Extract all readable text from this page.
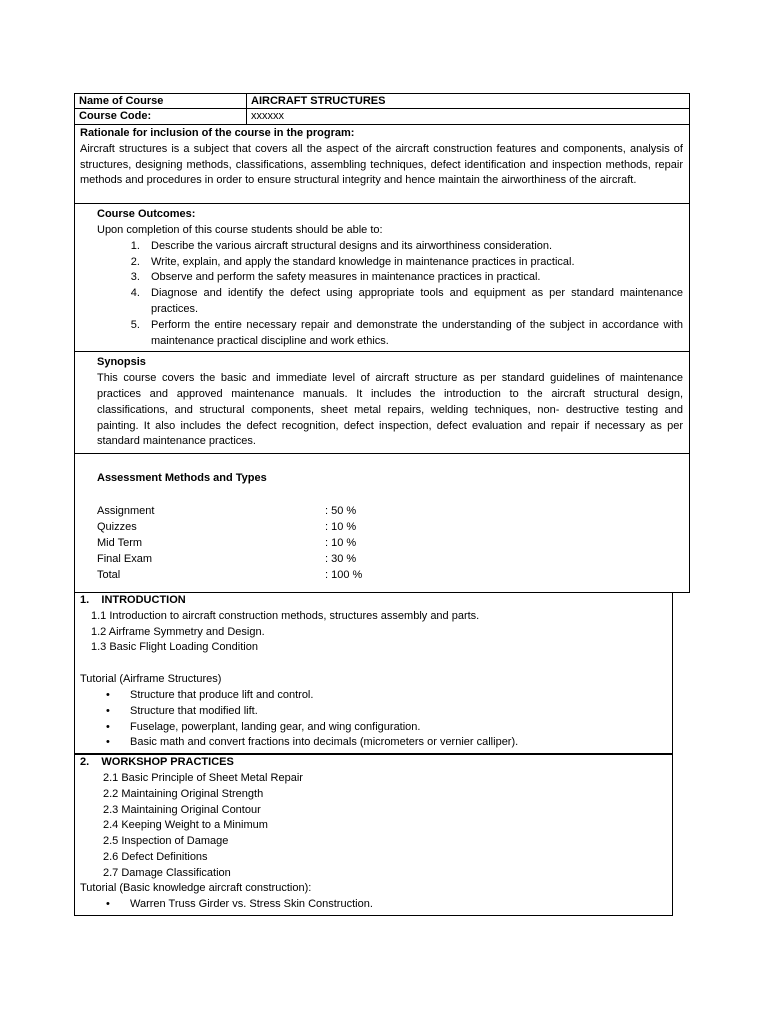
Name of Course	AIRCRAFT STRUCTURES
Course Code:	xxxxxx

Rationale for inclusion of the course in the program:

Aircraft structures is a subject that covers all the aspect of the aircraft construction features and components, analysis of structures, designing methods, classifications, assembling techniques, defect identification and inspection methods, repair methods and procedures in order to ensure structural integrity and hence maintain the airworthiness of the aircraft.

Course Outcomes:

Upon completion of this course students should be able to:

1. Describe the various aircraft structural designs and its airworthiness consideration.
2. Write, explain, and apply the standard knowledge in maintenance practices in practical.
3. Observe and perform the safety measures in maintenance practices in practical.
4. Diagnose and identify the defect using appropriate tools and equipment as per standard maintenance practices.
5. Perform the entire necessary repair and demonstrate the understanding of the subject in accordance with maintenance practical discipline and work ethics.

Synopsis

This course covers the basic and immediate level of aircraft structure as per standard guidelines of maintenance practices and approved maintenance manuals. It includes the introduction to the aircraft structural design, classifications, and structural components, sheet metal repairs, welding techniques, non- destructive testing and painting. It also includes the defect recognition, defect inspection, defect evaluation and repair if necessary as per standard maintenance practices.

Assessment Methods and Types

Assignment	: 50 %
Quizzes	: 10 %
Mid Term	: 10 %
Final Exam	: 30 %
Total	: 100 %

1.    INTRODUCTION

1.1 Introduction to aircraft construction methods, structures assembly and parts.

1.2 Airframe Symmetry and Design.

1.3 Basic Flight Loading Condition

Tutorial (Airframe Structures)

• Structure that produce lift and control.
• Structure that modified lift.
• Fuselage, powerplant, landing gear, and wing configuration.
• Basic math and convert fractions into decimals (micrometers or vernier calliper).

2.    WORKSHOP PRACTICES

2.1 Basic Principle of Sheet Metal Repair

2.2 Maintaining Original Strength

2.3 Maintaining Original Contour

2.4 Keeping Weight to a Minimum

2.5 Inspection of Damage

2.6 Defect Definitions

2.7 Damage Classification

Tutorial (Basic knowledge aircraft construction):

• Warren Truss Girder vs. Stress Skin Construction.
